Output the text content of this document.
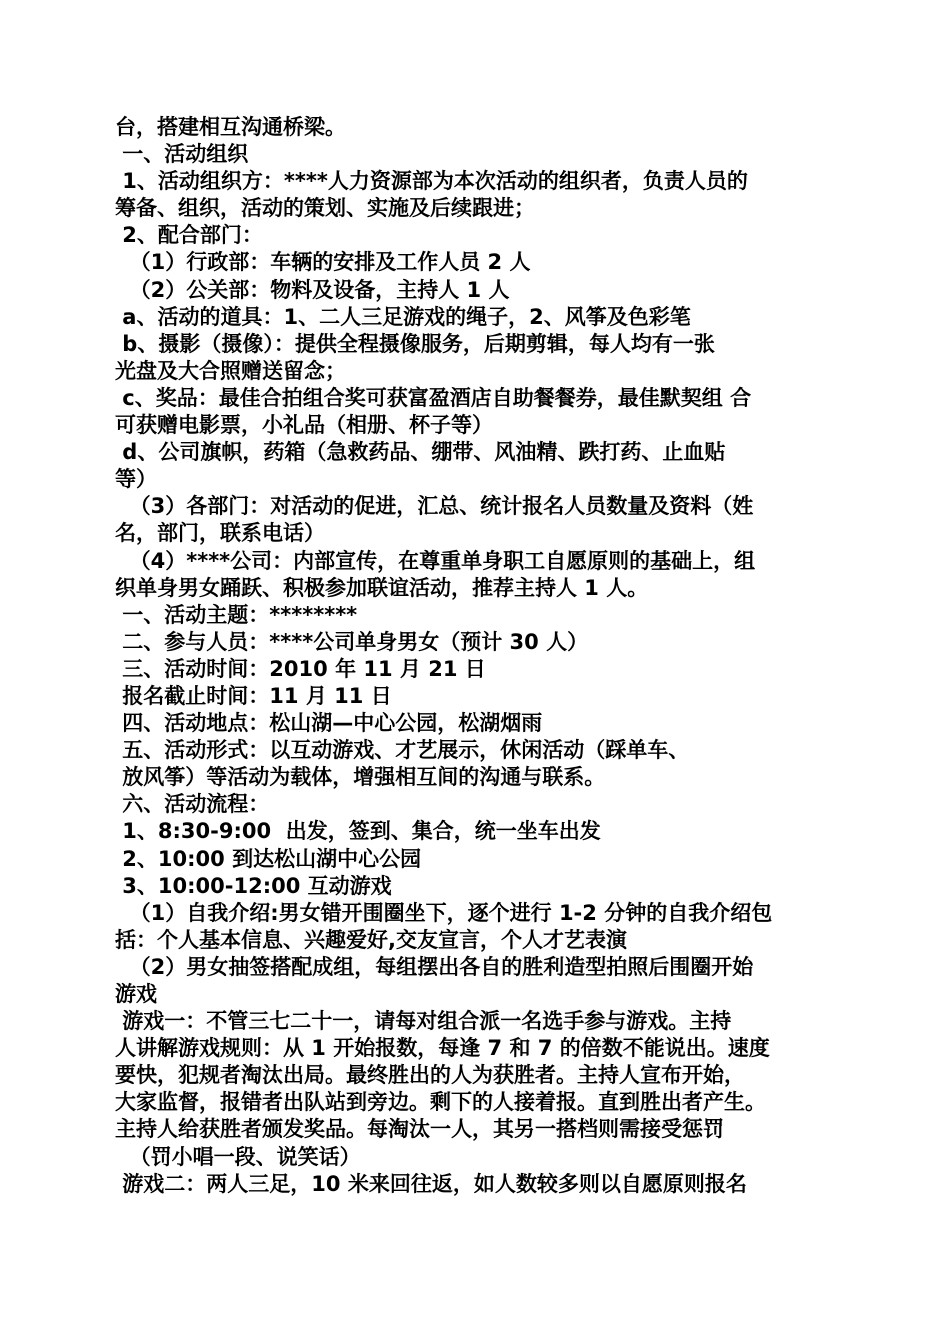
台，搭建相互沟通桥梁。
一、活动组织
1、活动组织方：****人力资源部为本次活动的组织者，负责人员的
筹备、组织，活动的策划、实施及后续跟进；
2、配合部门：
（1）行政部：车辆的安排及工作人员 2 人
（2）公关部：物料及设备，主持人 1 人
a、活动的道具：1、二人三足游戏的绳子，2、风筝及色彩笔
b、摄影（摄像）：提供全程摄像服务，后期剪辑，每人均有一张
光盘及大合照赠送留念；
c、奖品：最佳合拍组合奖可获富盈酒店自助餐餐券，最佳默契组 合
可获赠电影票，小礼品（相册、杯子等）
d、公司旗帜，药箱（急救药品、绷带、风油精、跌打药、止血贴
等）
（3）各部门：对活动的促进，汇总、统计报名人员数量及资料（姓
名，部门，联系电话）
（4）****公司：内部宣传，在尊重单身职工自愿原则的基础上，组
织单身男女踊跃、积极参加联谊活动，推荐主持人 1 人。
一、活动主题：********
二、参与人员：****公司单身男女（预计 30 人）
三、活动时间：2010 年 11 月 21 日
报名截止时间：11 月 11 日
四、活动地点：松山湖—中心公园，松湖烟雨
五、活动形式：以互动游戏、才艺展示，休闲活动（踩单车、
放风筝）等活动为载体，增强相互间的沟通与联系。
六、活动流程：
1、8:30-9:00  出发，签到、集合，统一坐车出发
2、10:00 到达松山湖中心公园
3、10:00-12:00 互动游戏
（1）自我介绍:男女错开围圈坐下，逐个进行 1-2 分钟的自我介绍包
括：个人基本信息、兴趣爱好,交友宣言，个人才艺表演
（2）男女抽签搭配成组，每组摆出各自的胜利造型拍照后围圈开始
游戏
游戏一：不管三七二十一，请每对组合派一名选手参与游戏。主持
人讲解游戏规则：从 1 开始报数，每逢 7 和 7 的倍数不能说出。速度
要快，犯规者淘汰出局。最终胜出的人为获胜者。主持人宣布开始，
大家监督，报错者出队站到旁边。剩下的人接着报。直到胜出者产生。
主持人给获胜者颁发奖品。每淘汰一人，其另一搭档则需接受惩罚
（罚小唱一段、说笑话）
游戏二：两人三足，10 米来回往返，如人数较多则以自愿原则报名
